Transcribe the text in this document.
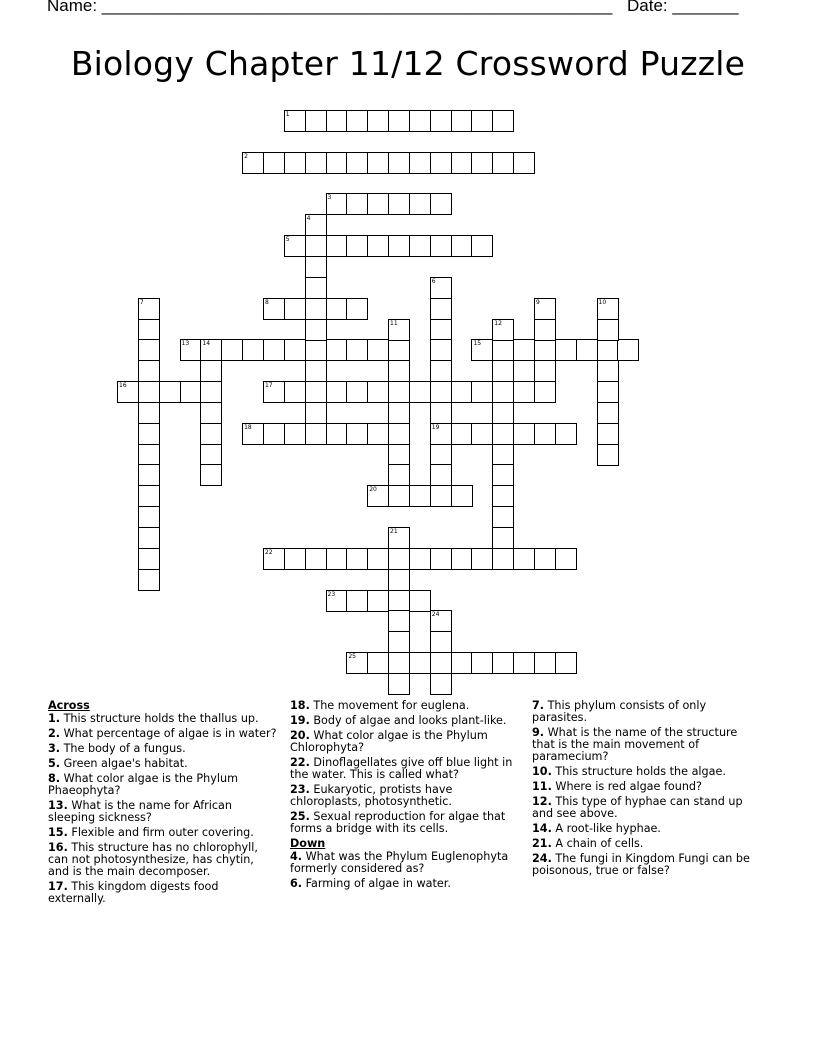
Name: ______________________________________________________ Date: _______
Biology Chapter 11/12 Crossword Puzzle
1
2
3
5
8
13 14	15
16	17
18	19
20
22
23
25
4
6
7	9	10
11	12
21
24
Across
1. This structure holds the thallus up.
2. What percentage of algae is in water?
3. The body of a fungus.
5. Green algae's habitat.
8. What color algae is the Phylum Phaeophyta?
13. What is the name for African sleeping sickness?
15. Flexible and firm outer covering.
16. This structure has no chlorophyll, can not photosynthesize, has chytin, and is the main decomposer.
17. This kingdom digests food externally.
18. The movement for euglena.
19. Body of algae and looks plant-like.
20. What color algae is the Phylum Chlorophyta?
22. Dinoflagellates give off blue light in the water. This is called what?
23. Eukaryotic, protists have chloroplasts, photosynthetic.
25. Sexual reproduction for algae that forms a bridge with its cells.
Down
4. What was the Phylum Euglenophyta formerly considered as?
6. Farming of algae in water.
7. This phylum consists of only parasites.
9. What is the name of the structure that is the main movement of paramecium?
10. This structure holds the algae.
11. Where is red algae found?
12. This type of hyphae can stand up and see above.
14. A root-like hyphae.
21. A chain of cells.
24. The fungi in Kingdom Fungi can be poisonous, true or false?
